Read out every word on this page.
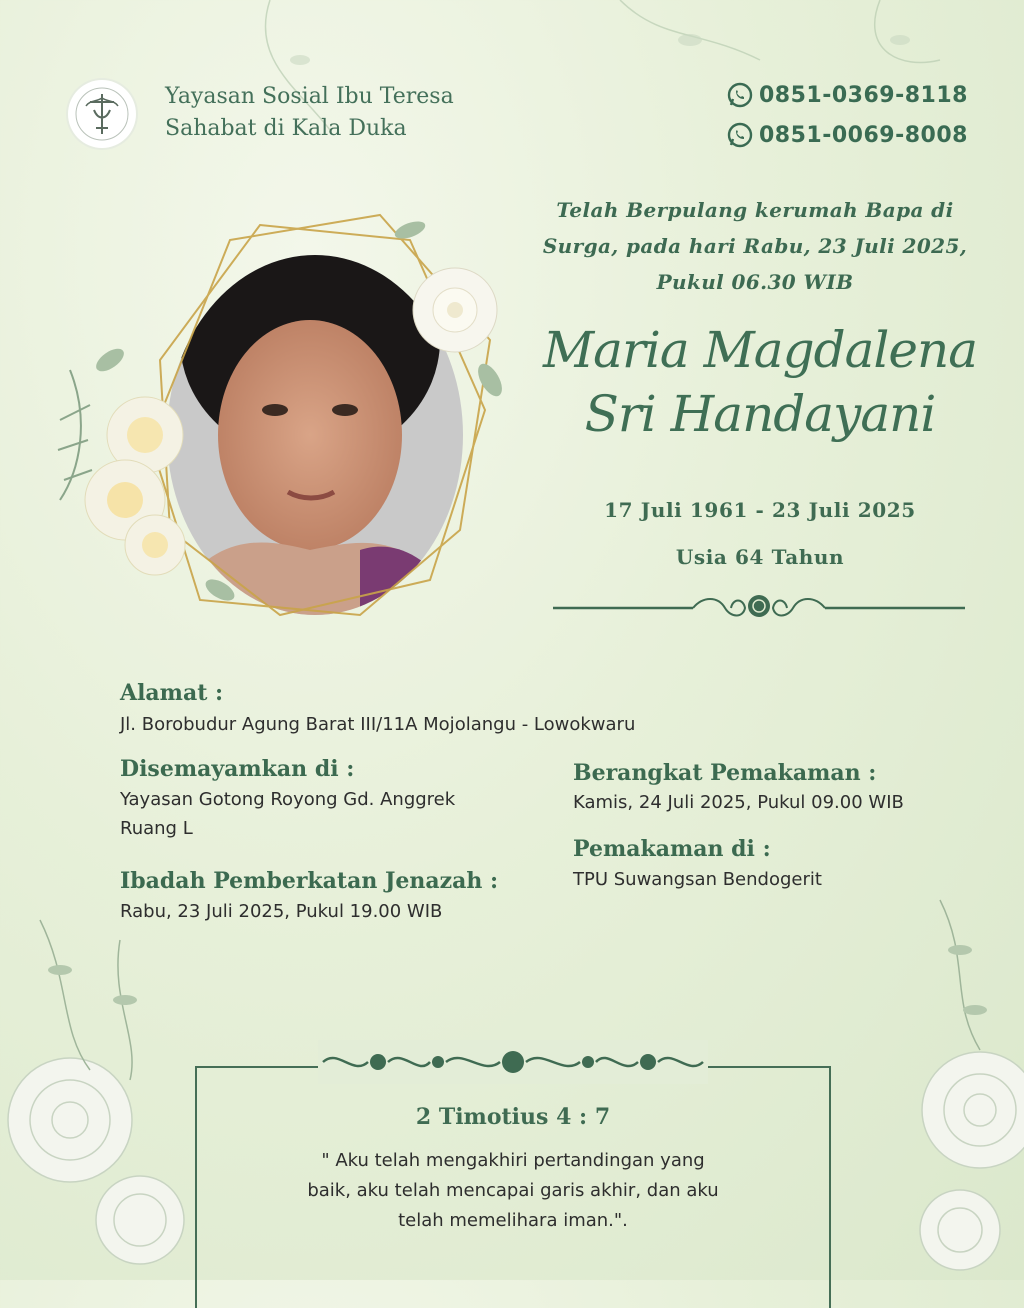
Yayasan Sosial Ibu Teresa
Sahabat di Kala Duka
0851-0369-8118
0851-0069-8008
Telah Berpulang kerumah Bapa di
Surga, pada hari Rabu, 23 Juli 2025,
Pukul 06.30 WIB
Maria Magdalena
Sri Handayani
17 Juli 1961 - 23 Juli 2025
Usia 64 Tahun
Alamat :
Jl. Borobudur Agung Barat III/11A Mojolangu - Lowokwaru
Disemayamkan di :
Yayasan Gotong Royong Gd. Anggrek
Ruang L
Ibadah Pemberkatan Jenazah :
Rabu, 23 Juli 2025, Pukul 19.00 WIB
Berangkat Pemakaman :
Kamis, 24 Juli 2025, Pukul 09.00 WIB
Pemakaman di :
TPU Suwangsan Bendogerit
2 Timotius 4 : 7
" Aku telah mengakhiri pertandingan yang
baik, aku telah mencapai garis akhir, dan aku
telah memelihara iman.".
